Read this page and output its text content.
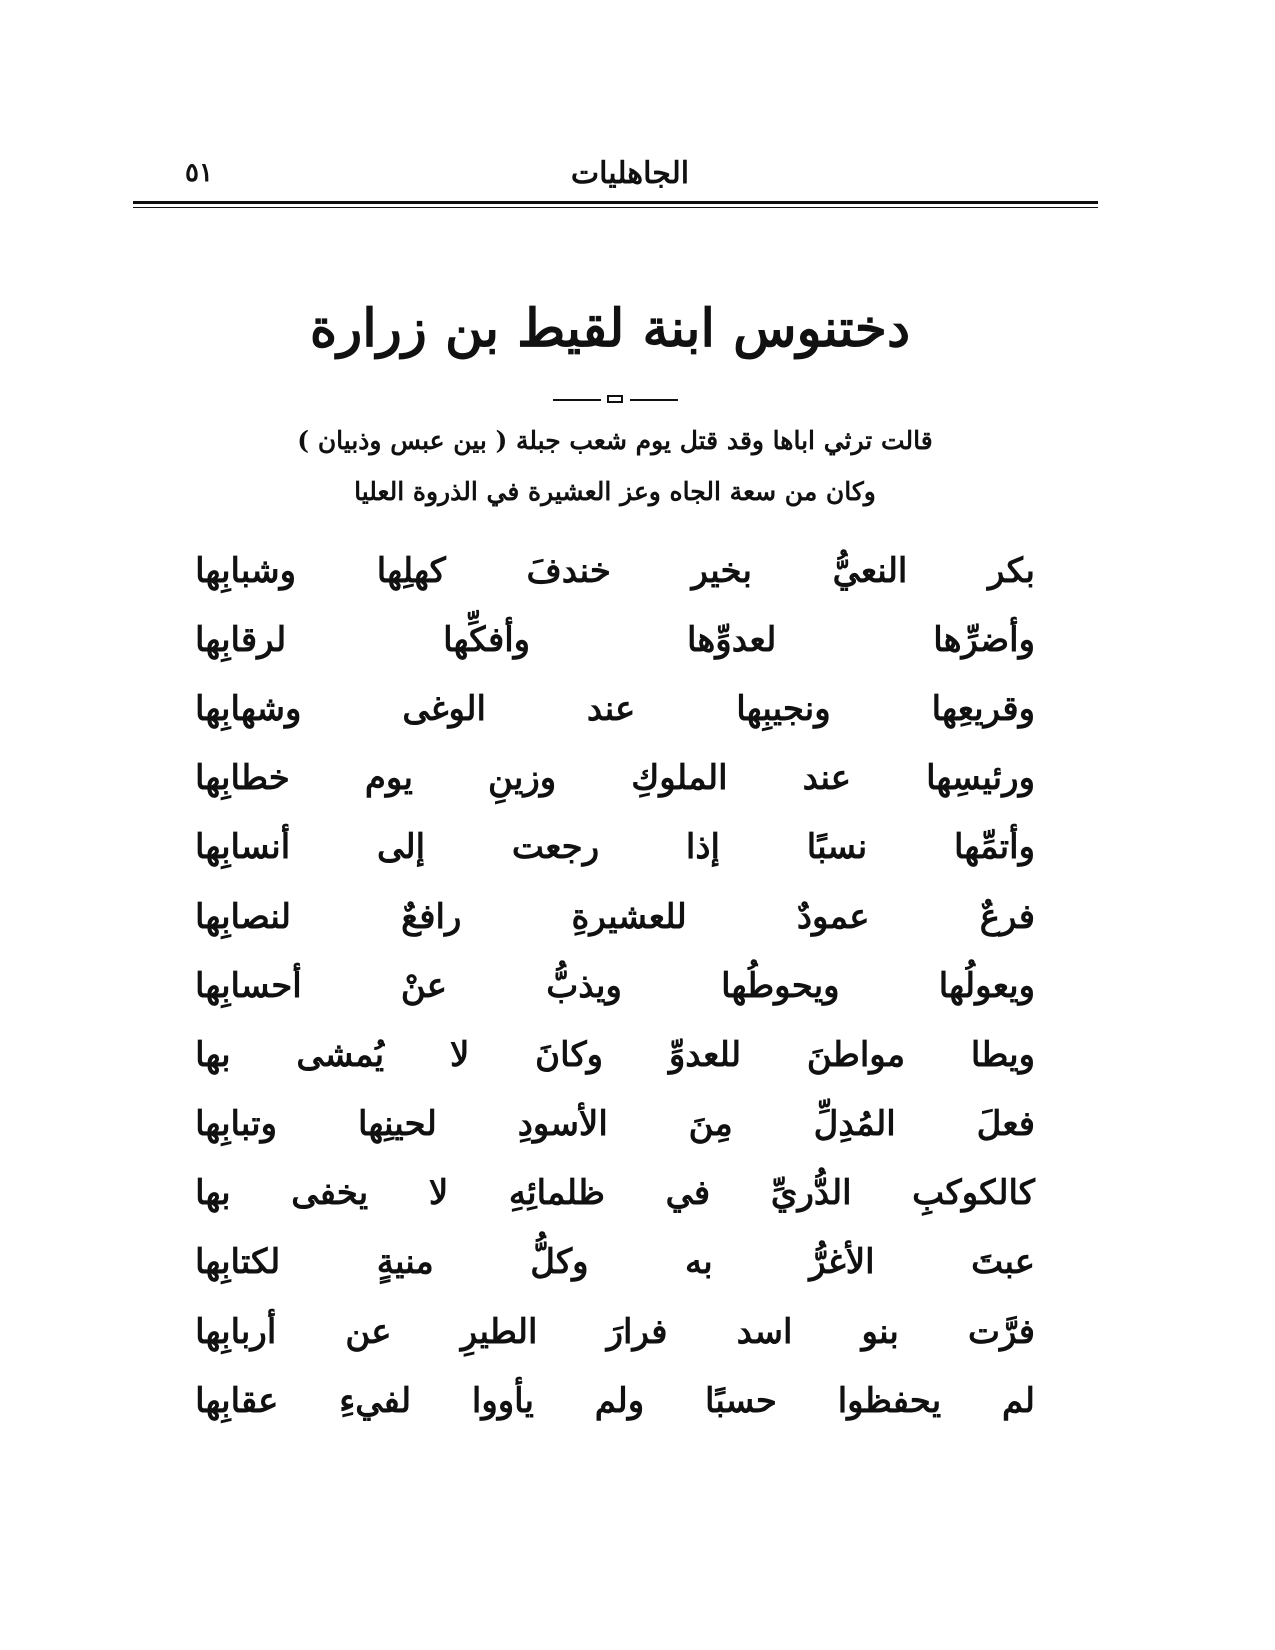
٥١	الجاهليات
دختنوس ابنة لقيط بن زرارة
قالت ترثي اباها وقد قتل يوم شعب جبلة ( بين عبس وذبيان )
وكان من سعة الجاه وعز العشيرة في الذروة العليا
بكر
النعيُّ
بخير
خندفَ
كهلِها
وشبابِها
وأضرِّها
لعدوِّها
وأفكِّها
لرقابِها
وقريعِها
ونجيبِها
عند
الوغى
وشهابِها
ورئيسِها
عند
الملوكِ
وزينِ
يوم
خطابِها
وأتمِّها
نسبًا
إذا
رجعت
إلى
أنسابِها
فرعٌ
عمودٌ
للعشيرةِ
رافعٌ
لنصابِها
ويعولُها
ويحوطُها
ويذبُّ
عنْ
أحسابِها
ويطا
مواطنَ
للعدوِّ
وكانَ
لا
يُمشى
بها
فعلَ
المُدِلِّ
مِنَ
الأسودِ
لحينِها
وتبابِها
كالكوكبِ
الدُّريِّ
في
ظلمائِهِ
لا
يخفى
بها
عبتَ
الأغرُّ
به
وكلُّ
منيةٍ
لكتابِها
فرَّت
بنو
اسد
فرارَ
الطيرِ
عن
أربابِها
لم
يحفظوا
حسبًا
ولم
يأووا
لفيءِ
عقابِها
